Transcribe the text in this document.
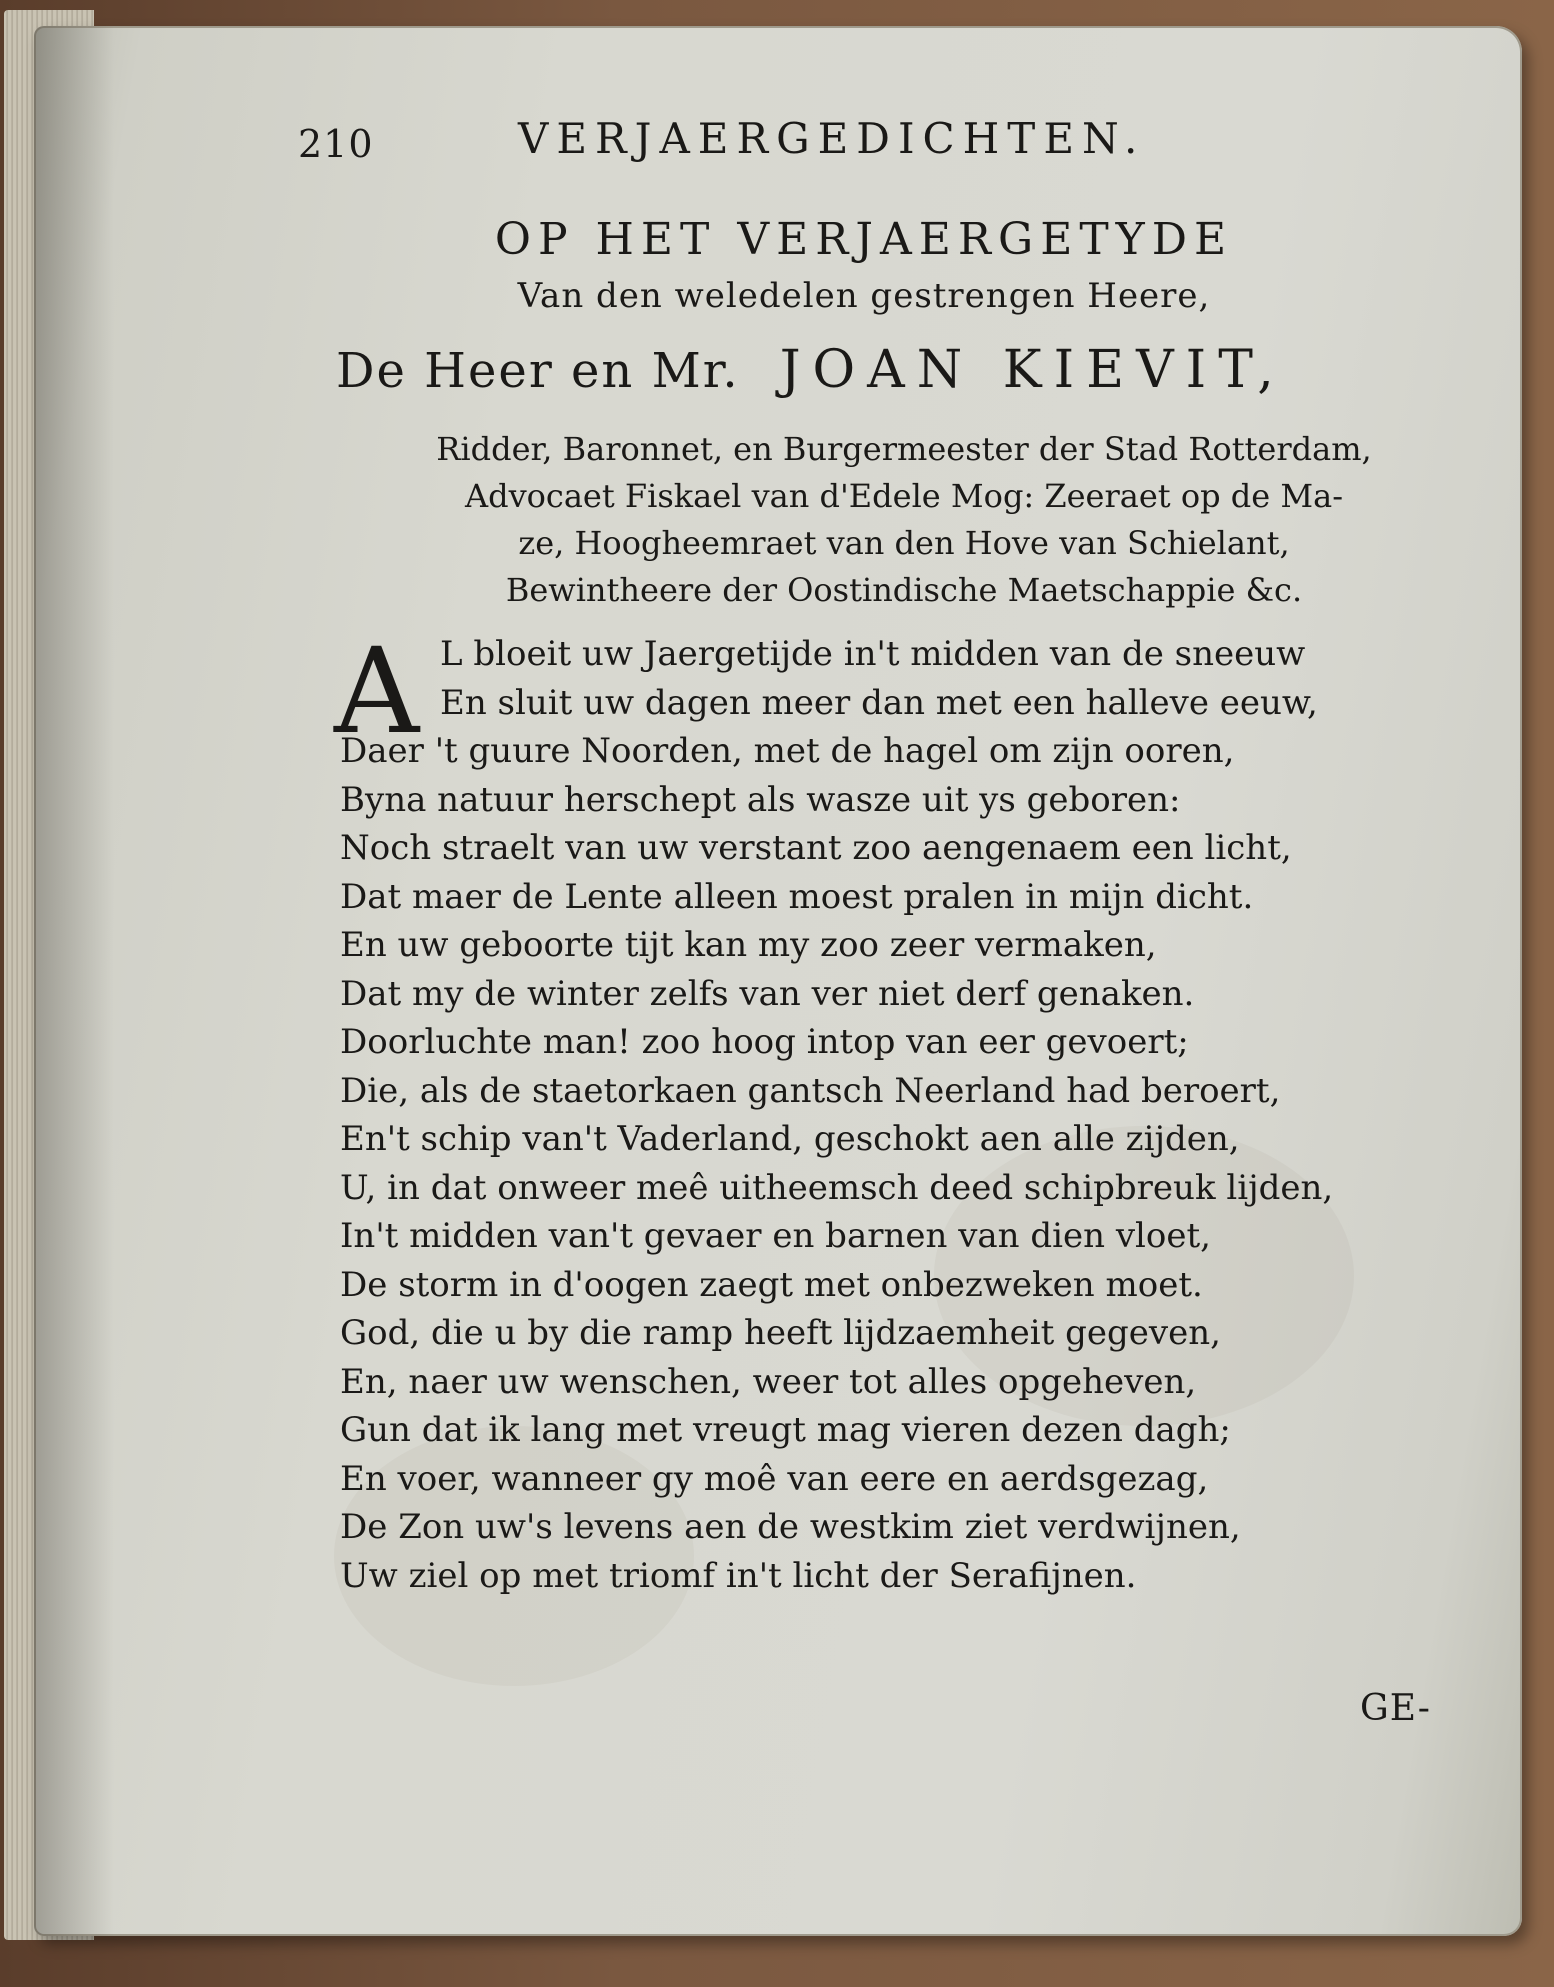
210	VERJAERGEDICHTEN.
OP HET VERJAERGETYDE
Van den weledelen gestrengen Heere,
De Heer en Mr. JOAN KIEVIT,
Ridder, Baronnet, en Burgermeester der Stad Rotterdam,
Advocaet Fiskael van d'Edele Mog: Zeeraet op de Ma-
ze, Hoogheemraet van den Hove van Schielant,
Bewintheere der Oostindische Maetschappie &c.
A L bloeit uw Jaergetijde in't midden van de sneeuw
En sluit uw dagen meer dan met een halleve eeuw,
Daer 't guure Noorden, met de hagel om zijn ooren,
Byna natuur herschept als wasze uit ys geboren:
Noch straelt van uw verstant zoo aengenaem een licht,
Dat maer de Lente alleen moest pralen in mijn dicht.
En uw geboorte tijt kan my zoo zeer vermaken,
Dat my de winter zelfs van ver niet derf genaken.
Doorluchte man! zoo hoog intop van eer gevoert;
Die, als de staetorkaen gantsch Neerland had beroert,
En't schip van't Vaderland, geschokt aen alle zijden,
U, in dat onweer meê uitheemsch deed schipbreuk lijden,
In't midden van't gevaer en barnen van dien vloet,
De storm in d'oogen zaegt met onbezweken moet.
God, die u by die ramp heeft lijdzaemheit gegeven,
En, naer uw wenschen, weer tot alles opgeheven,
Gun dat ik lang met vreugt mag vieren dezen dagh;
En voer, wanneer gy moê van eere en aerdsgezag,
De Zon uw's levens aen de westkim ziet verdwijnen,
Uw ziel op met triomf in't licht der Serafijnen.
GE-
